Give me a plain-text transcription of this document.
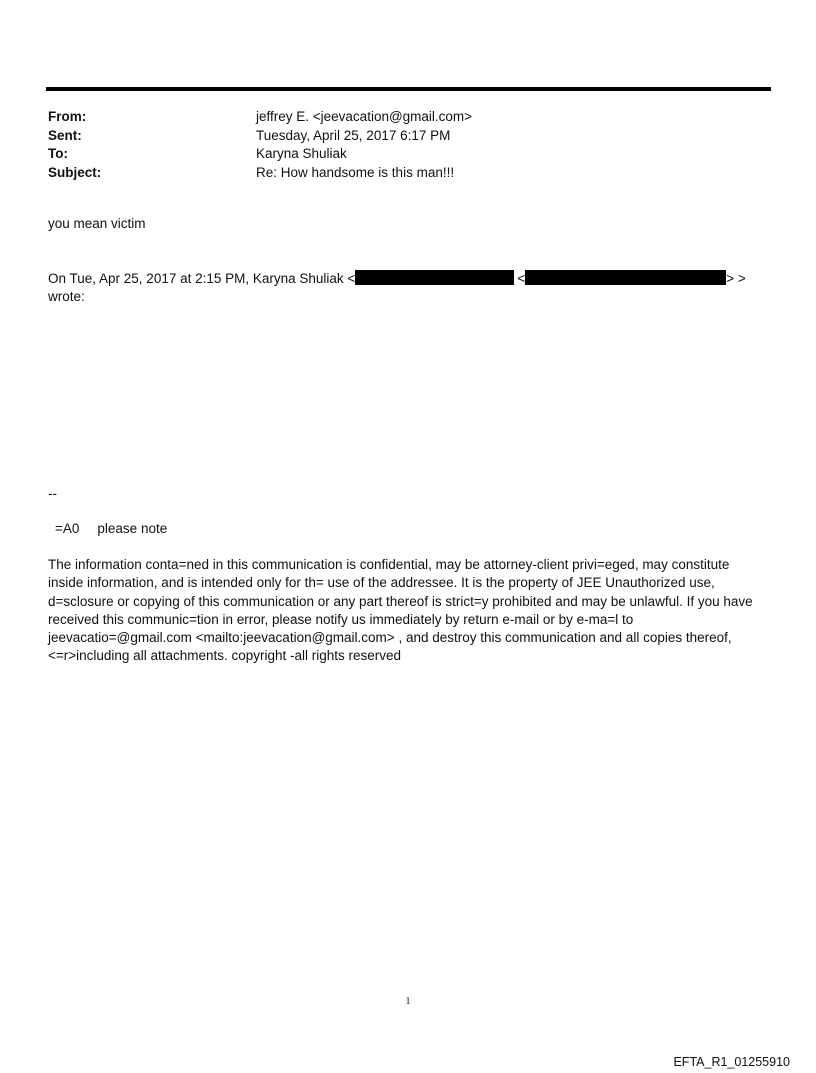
From:	jeffrey E. <jeevacation@gmail.com>
Sent:	Tuesday, April 25, 2017 6:17 PM
To:	Karyna Shuliak
Subject:	Re: How handsome is this man!!!
you mean victim
On Tue, Apr 25, 2017 at 2:15 PM, Karyna Shuliak <	<	> >
wrote:
--
=A0 please note
The information conta=ned in this communication is confidential, may be attorney-client privi=eged, may constitute inside information, and is intended only for th= use of the addressee. It is the property of JEE Unauthorized use, d=sclosure or copying of this communication or any part thereof is strict=y prohibited and may be unlawful. If you have received this communic=tion in error, please notify us immediately by return e-mail or by e-ma=l to jeevacatio=@gmail.com <mailto:jeevacation@gmail.com> , and destroy this communication and all copies thereof,<=r>including all attachments. copyright -all rights reserved
1
EFTA_R1_01255910
